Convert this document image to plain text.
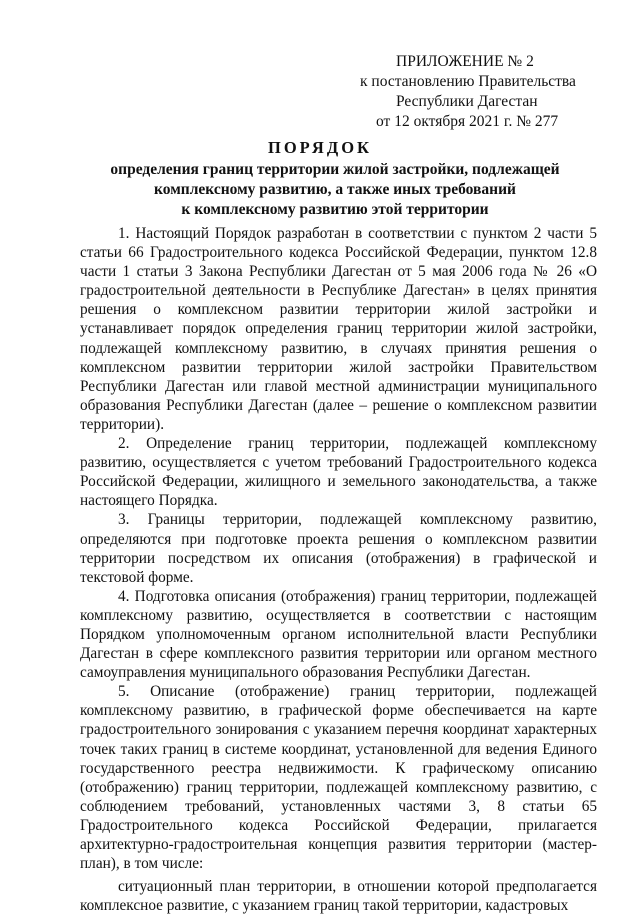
ПРИЛОЖЕНИЕ № 2
к постановлению Правительства
Республики Дагестан
от 12 октября 2021 г. № 277
ПОРЯДОК
определения границ территории жилой застройки, подлежащей
комплексному развитию, а также иных требований
к комплексному развитию этой территории

1. Настоящий Порядок разработан в соответствии с пунктом 2 части 5 статьи 66 Градостроительного кодекса Российской Федерации, пунктом 12.8 части 1 статьи 3 Закона Республики Дагестан от 5 мая 2006 года № 26 «О градостроительной деятельности в Республике Дагестан» в целях принятия решения о комплексном развитии территории жилой застройки и устанавливает порядок определения границ территории жилой застройки, подлежащей комплексному развитию, в случаях принятия решения о комплексном развитии территории жилой застройки Правительством Республики Дагестан или главой местной администрации муниципального образования Республики Дагестан (далее – решение о комплексном развитии территории).

2. Определение границ территории, подлежащей комплексному развитию, осуществляется с учетом требований Градостроительного кодекса Российской Федерации, жилищного и земельного законодательства, а также настоящего Порядка.

3. Границы территории, подлежащей комплексному развитию, определяются при подготовке проекта решения о комплексном развитии территории посредством их описания (отображения) в графической и текстовой форме.

4. Подготовка описания (отображения) границ территории, подлежащей комплексному развитию, осуществляется в соответствии с настоящим Порядком уполномоченным органом исполнительной власти Республики Дагестан в сфере комплексного развития территории или органом местного самоуправления муниципального образования Республики Дагестан.

5. Описание (отображение) границ территории, подлежащей комплексному развитию, в графической форме обеспечивается на карте градостроительного зонирования с указанием перечня координат характерных точек таких границ в системе координат, установленной для ведения Единого государственного реестра недвижимости. К графическому описанию (отображению) границ территории, подлежащей комплексному развитию, с соблюдением требований, установленных частями 3, 8 статьи 65 Градостроительного кодекса Российской Федерации, прилагается архитектурно-градостроительная концепция развития территории (мастер-план), в том числе:

ситуационный план территории, в отношении которой предполагается комплексное развитие, с указанием границ такой территории, кадастровых
